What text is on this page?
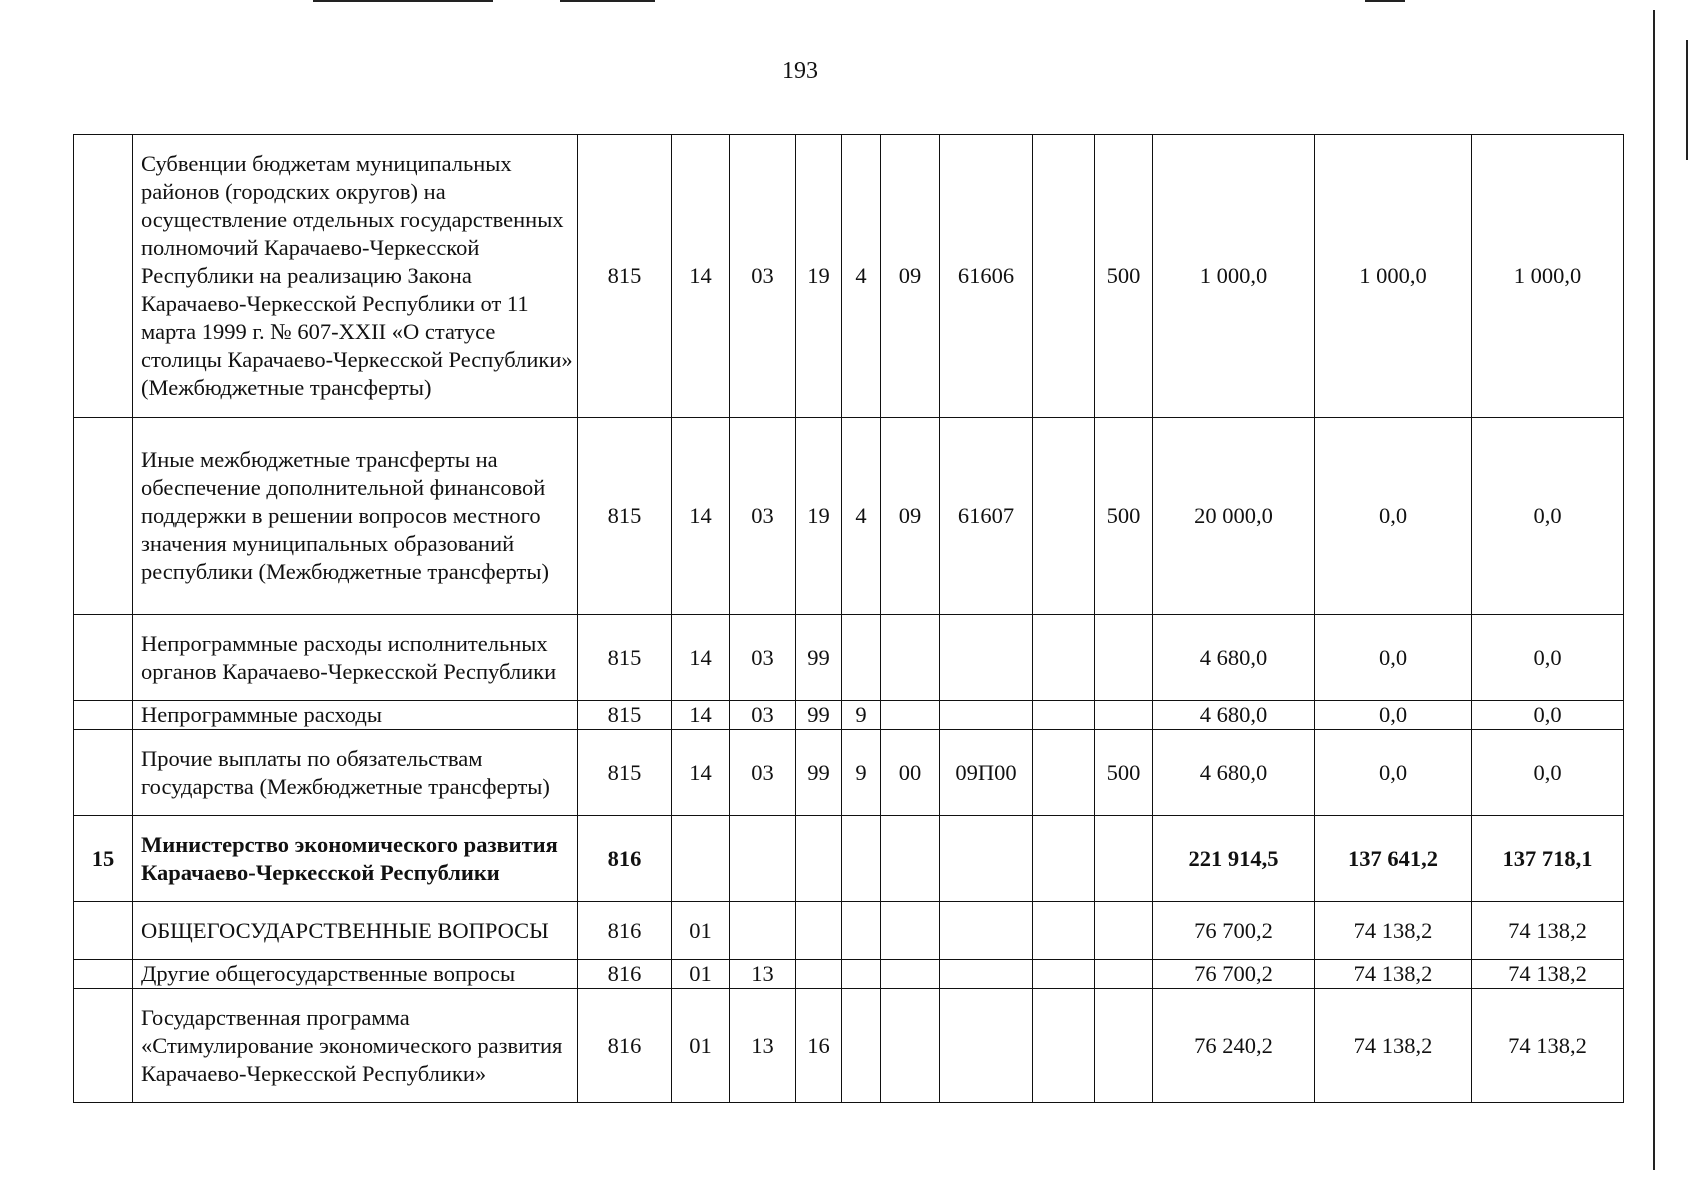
193
	Субвенции бюджетам муниципальных районов (городских округов) на осуществление отдельных государственных полномочий Карачаево-Черкесской Республики на реализацию Закона Карачаево-Черкесской Республики от 11 марта 1999 г. № 607-XXII «О статусе столицы Карачаево-Черкесской Республики» (Межбюджетные трансферты)	815	14	03	19	4	09	61606		500	1 000,0	1 000,0	1 000,0
	Иные межбюджетные трансферты на обеспечение дополнительной финансовой поддержки в решении вопросов местного значения муниципальных образований республики (Межбюджетные трансферты)	815	14	03	19	4	09	61607		500	20 000,0	0,0	0,0
	Непрограммные расходы исполнительных органов Карачаево-Черкесской Республики	815	14	03	99						4 680,0	0,0	0,0
	Непрограммные расходы	815	14	03	99	9					4 680,0	0,0	0,0
	Прочие выплаты по обязательствам государства (Межбюджетные трансферты)	815	14	03	99	9	00	09П00		500	4 680,0	0,0	0,0
15	Министерство экономического развития Карачаево-Черкесской Республики	816									221 914,5	137 641,2	137 718,1
	ОБЩЕГОСУДАРСТВЕННЫЕ ВОПРОСЫ	816	01								76 700,2	74 138,2	74 138,2
	Другие общегосударственные вопросы	816	01	13							76 700,2	74 138,2	74 138,2
	Государственная программа «Стимулирование экономического развития Карачаево-Черкесской Республики»	816	01	13	16						76 240,2	74 138,2	74 138,2
